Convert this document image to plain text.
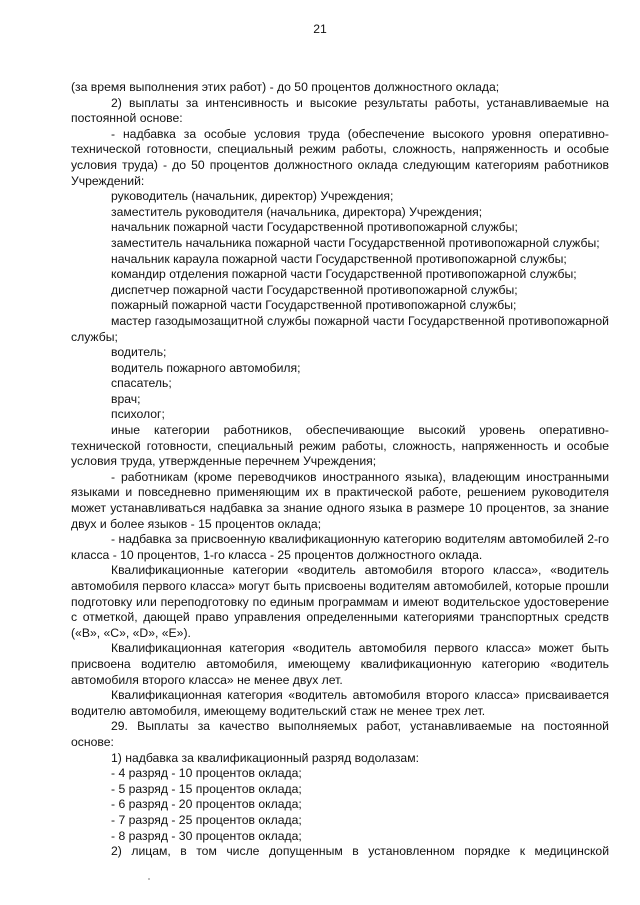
21

(за время выполнения этих работ) - до 50 процентов должностного оклада;

2) выплаты за интенсивность и высокие результаты работы, устанавливаемые на постоянной основе:

- надбавка за особые условия труда (обеспечение высокого уровня оперативно-технической готовности, специальный режим работы, сложность, напряженность и особые условия труда) - до 50 процентов должностного оклада следующим категориям работников Учреждений:

руководитель (начальник, директор) Учреждения;

заместитель руководителя (начальника, директора) Учреждения;

начальник пожарной части Государственной противопожарной службы;

заместитель начальника пожарной части Государственной противопожарной службы;

начальник караула пожарной части Государственной противопожарной службы;

командир отделения пожарной части Государственной противопожарной службы;

диспетчер пожарной части Государственной противопожарной службы;

пожарный пожарной части Государственной противопожарной службы;

мастер газодымозащитной службы пожарной части Государственной противопожарной службы;

водитель;

водитель пожарного автомобиля;

спасатель;

врач;

психолог;

иные категории работников, обеспечивающие высокий уровень оперативно-технической готовности, специальный режим работы, сложность, напряженность и особые условия труда, утвержденные перечнем Учреждения;

- работникам (кроме переводчиков иностранного языка), владеющим иностранными языками и повседневно применяющим их в практической работе, решением руководителя может устанавливаться надбавка за знание одного языка в размере 10 процентов, за знание двух и более языков - 15 процентов оклада;

- надбавка за присвоенную квалификационную категорию водителям автомобилей 2-го класса - 10 процентов, 1-го класса - 25 процентов должностного оклада.

Квалификационные категории «водитель автомобиля второго класса», «водитель автомобиля первого класса» могут быть присвоены водителям автомобилей, которые прошли подготовку или переподготовку по единым программам и имеют водительское удостоверение с отметкой, дающей право управления определенными категориями транспортных средств («В», «С», «D», «Е»).

Квалификационная категория «водитель автомобиля первого класса» может быть присвоена водителю автомобиля, имеющему квалификационную категорию «водитель автомобиля второго класса» не менее двух лет.

Квалификационная категория «водитель автомобиля второго класса» присваивается водителю автомобиля, имеющему водительский стаж не менее трех лет.

29. Выплаты за качество выполняемых работ, устанавливаемые на постоянной основе:

1) надбавка за квалификационный разряд водолазам:

- 4 разряд - 10 процентов оклада;

- 5 разряд - 15 процентов оклада;

- 6 разряд - 20 процентов оклада;

- 7 разряд - 25 процентов оклада;

- 8 разряд - 30 процентов оклада;

2) лицам, в том числе допущенным в установленном порядке к медицинской
